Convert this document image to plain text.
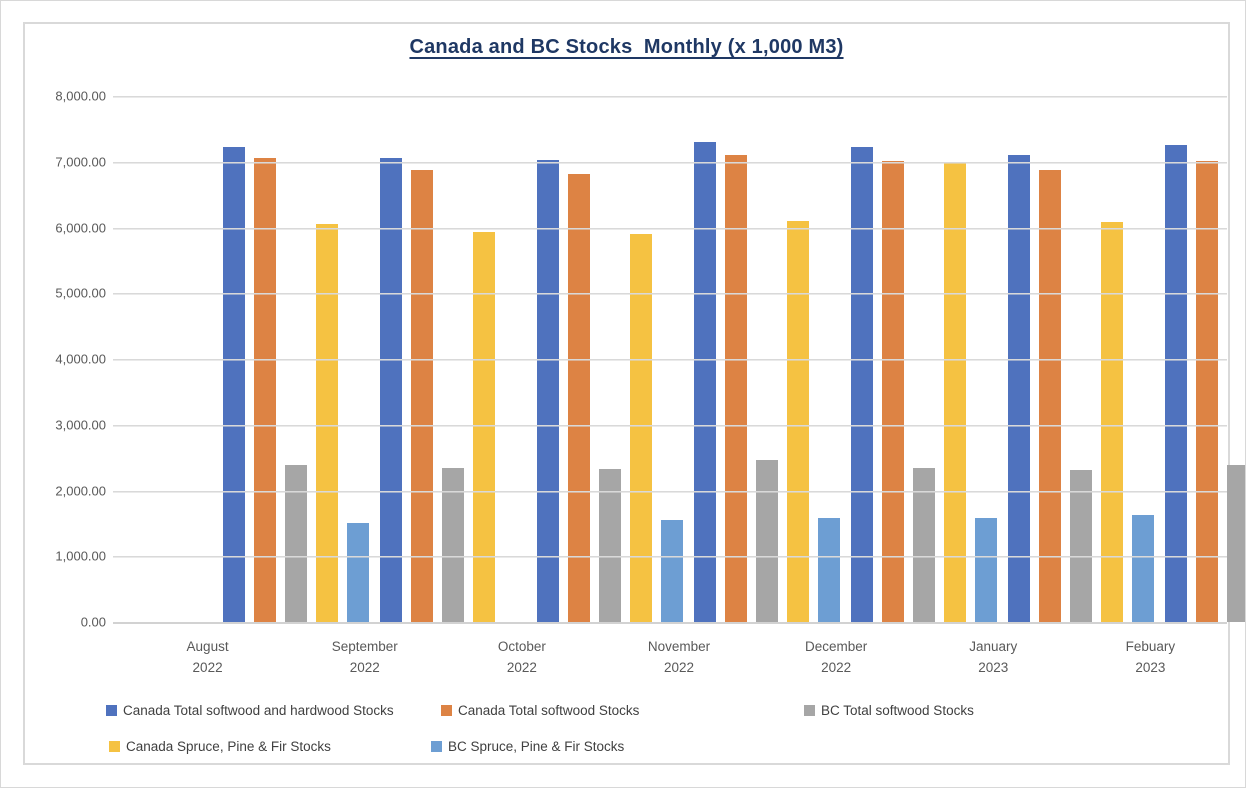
Canada and BC Stocks  Monthly (x 1,000 M3)
8,000.00
7,000.00
6,000.00
5,000.00
4,000.00
3,000.00
2,000.00
1,000.00
0.00
August
2022
September
2022
October
2022
November
2022
December
2022
January
2023
Febuary
2023
Canada Total softwood and hardwood Stocks	Canada Total softwood Stocks	BC Total softwood Stocks
Canada Spruce, Pine & Fir Stocks	BC Spruce, Pine & Fir Stocks
